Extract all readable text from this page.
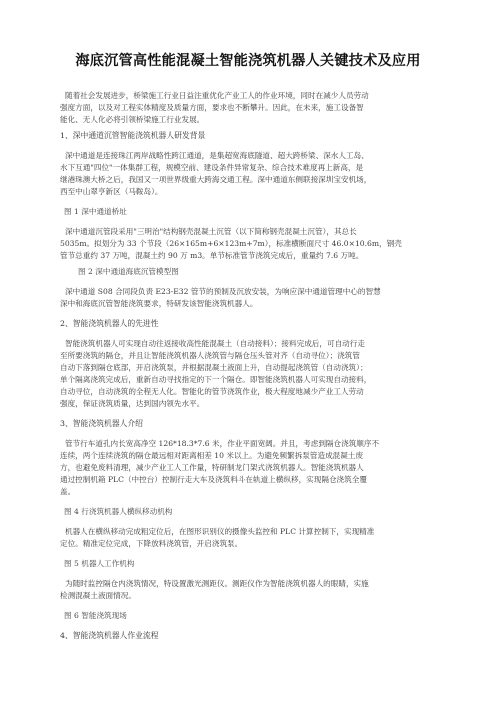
海底沉管高性能混凝土智能浇筑机器人关键技术及应用
随着社会发展进步，桥梁施工行业日益注重优化产业工人的作业环境，同时在减少人员劳动
强度方面，以及对工程实体精度及质量方面，要求也不断攀升。因此，在未来，施工设备智
能化、无人化必将引领桥梁施工行业发展。
1、深中通道沉管智能浇筑机器人研发背景
深中通道是连接珠江两岸战略性跨江通道，是集超宽海底隧道、超大跨桥梁、深水人工岛、
水下互通"四位"一体集群工程，规模空前、建设条件异常复杂、综合技术难度再上新高，是
继港珠澳大桥之后，我国又一项世界级重大跨海交通工程。深中通道东侧联接深圳宝安机场，
西至中山翠亨新区（马鞍岛）。
图 1 深中通道桥址
深中通道沉管段采用"三明治"结构钢壳混凝土沉管（以下简称钢壳混凝土沉管），其总长
5035m。拟划分为 33 个节段（26×165m+6×123m+7m），标准横断面尺寸 46.0×10.6m，钢壳
管节总重约 37 万吨，混凝土约 90 万 m3。单节标准管节浇筑完成后，重量约 7.6 万吨。
图 2 深中通道海底沉管模型图
深中通道 S08 合同段负责 E23-E32 管节的预制及沉放安装，为响应深中通道管理中心的智慧
深中和海底沉管智能浇筑要求，特研发该智能浇筑机器人。
2、智能浇筑机器人的先进性
智能浇筑机器人可实现自动往返接收高性能混凝土（自动接料）；接料完成后，可自动行走
至所要浇筑的隔仓，并且让智能浇筑机器人浇筑管与隔仓压头管对齐（自动寻位）；浇筑管
自动下落到隔仓底部，开启浇筑泵，并根据混凝土液面上升，自动提起浇筑管（自动浇筑）；
单个隔离浇筑完成后，重新自动寻找指定的下一个隔仓。即智能浇筑机器人可实现自动接料，
自动寻位，自动浇筑的全程无人化。智能化的管节浇筑作业，极大程度地减少产业工人劳动
强度，保证浇筑质量，达到国内领先水平。
3、智能浇筑机器人介绍
管节行车道孔内长宽高净空 126*18.3*7.6 米，作业平面宽阔。并且，考虑到隔仓浇筑顺序不
连续，两个连续浇筑的隔仓最远相对距离相差 10 米以上。为避免频繁拆泵管造成混凝土废
方，也避免废料清理，减少产业工人工作量，特研制龙门架式浇筑机器人。智能浇筑机器人
通过控制机箱 PLC（中控台）控制行走大车及浇筑料斗在轨道上横纵移，实现隔仓浇筑全覆
盖。
图 4 行浇筑机器人横纵移动机构
机器人在横纵移动完成粗定位后，在图形识别仪的摄像头监控和 PLC 计算控制下，实现精准
定位。精准定位完成，下降放料浇筑管，开启浇筑泵。
图 5 机器人工作机构
为随时监控隔仓内浇筑情况，特设置激光测距仪。测距仪作为智能浇筑机器人的眼睛，实施
检测混凝土液面情况。
图 6 智能浇筑现场
4、智能浇筑机器人作业流程
